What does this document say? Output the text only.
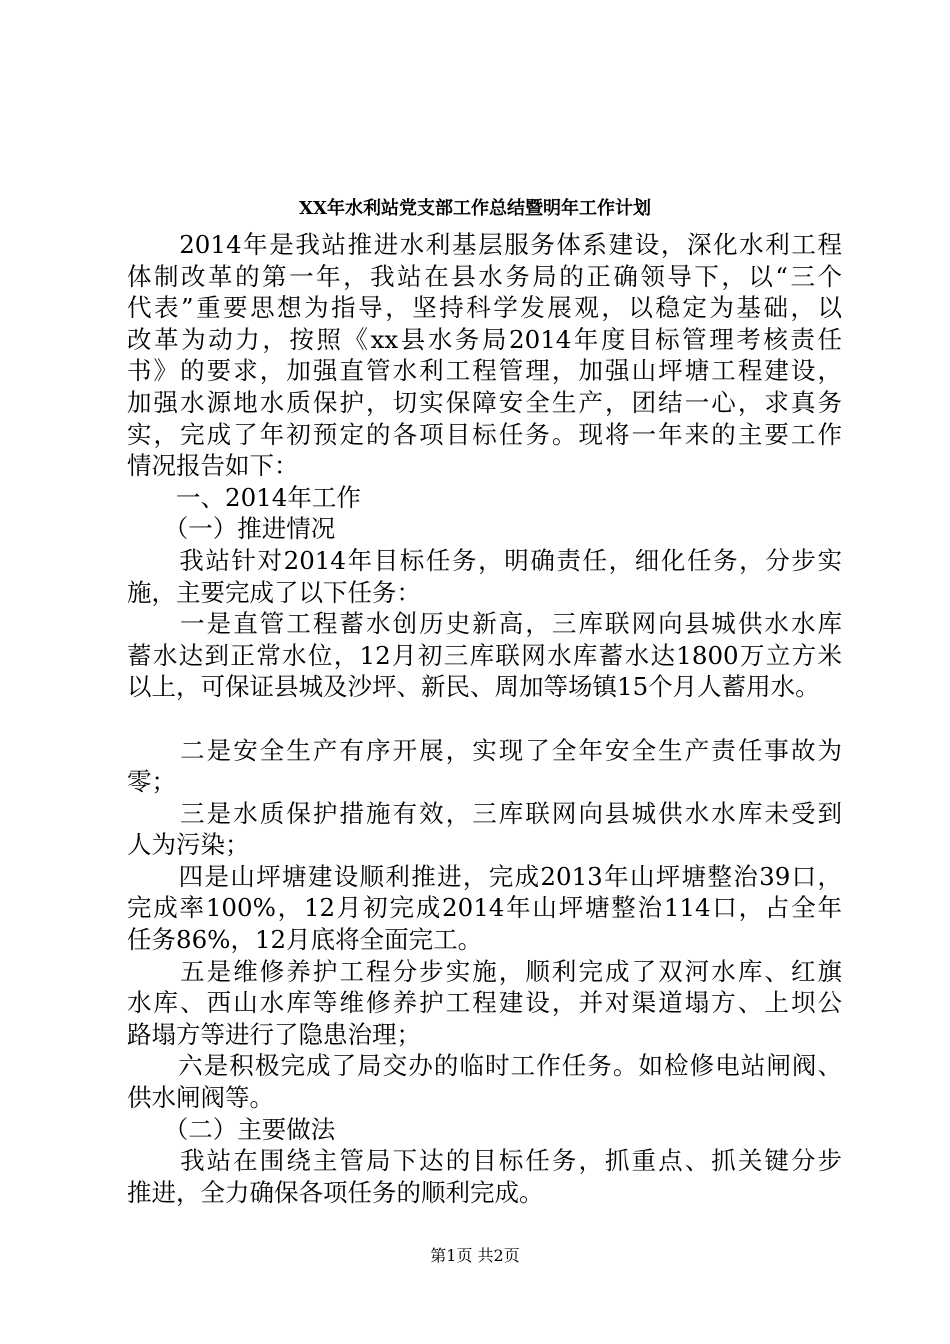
XX年水利站党支部工作总结暨明年工作计划
　　2014年是我站推进水利基层服务体系建设，深化水利工程
体制改革的第一年，我站在县水务局的正确领导下，以“三个
代表”重要思想为指导，坚持科学发展观，以稳定为基础，以
改革为动力，按照《xx县水务局2014年度目标管理考核责任
书》的要求，加强直管水利工程管理，加强山坪塘工程建设，
加强水源地水质保护，切实保障安全生产，团结一心，求真务
实，完成了年初预定的各项目标任务。现将一年来的主要工作
情况报告如下：
　　一、2014年工作
　　（一）推进情况
　　我站针对2014年目标任务，明确责任，细化任务，分步实
施，主要完成了以下任务：
　　一是直管工程蓄水创历史新高，三库联网向县城供水水库
蓄水达到正常水位，12月初三库联网水库蓄水达1800万立方米
以上，可保证县城及沙坪、新民、周加等场镇15个月人蓄用水。
　　二是安全生产有序开展，实现了全年安全生产责任事故为
零；
　　三是水质保护措施有效，三库联网向县城供水水库未受到
人为污染；
　　四是山坪塘建设顺利推进，完成2013年山坪塘整治39口，
完成率100%，12月初完成2014年山坪塘整治114口，占全年
任务86%，12月底将全面完工。
　　五是维修养护工程分步实施，顺利完成了双河水库、红旗
水库、西山水库等维修养护工程建设，并对渠道塌方、上坝公
路塌方等进行了隐患治理；
　　六是积极完成了局交办的临时工作任务。如检修电站闸阀、
供水闸阀等。
　　（二）主要做法
　　我站在围绕主管局下达的目标任务，抓重点、抓关键分步
推进，全力确保各项任务的顺利完成。
第1页 共2页
